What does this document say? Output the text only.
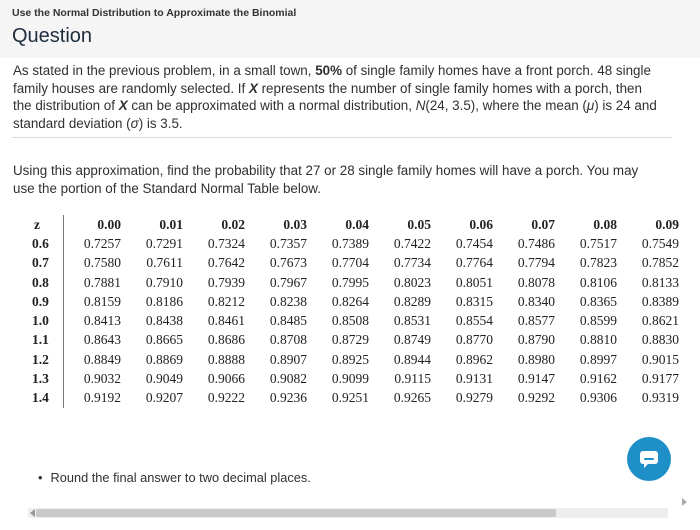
Use the Normal Distribution to Approximate the Binomial
Question

As stated in the previous problem, in a small town, 50% of single family homes have a front porch. 48 single family houses are randomly selected. If X represents the number of single family homes with a porch, then the distribution of X can be approximated with a normal distribution, N(24, 3.5), where the mean (μ) is 24 and standard deviation (σ) is 3.5.

Using this approximation, find the probability that 27 or 28 single family homes will have a porch. You may use the portion of the Standard Normal Table below.

z	0.00	0.01	0.02	0.03	0.04	0.05	0.06	0.07	0.08	0.09
0.6	0.7257	0.7291	0.7324	0.7357	0.7389	0.7422	0.7454	0.7486	0.7517	0.7549
0.7	0.7580	0.7611	0.7642	0.7673	0.7704	0.7734	0.7764	0.7794	0.7823	0.7852
0.8	0.7881	0.7910	0.7939	0.7967	0.7995	0.8023	0.8051	0.8078	0.8106	0.8133
0.9	0.8159	0.8186	0.8212	0.8238	0.8264	0.8289	0.8315	0.8340	0.8365	0.8389
1.0	0.8413	0.8438	0.8461	0.8485	0.8508	0.8531	0.8554	0.8577	0.8599	0.8621
1.1	0.8643	0.8665	0.8686	0.8708	0.8729	0.8749	0.8770	0.8790	0.8810	0.8830
1.2	0.8849	0.8869	0.8888	0.8907	0.8925	0.8944	0.8962	0.8980	0.8997	0.9015
1.3	0.9032	0.9049	0.9066	0.9082	0.9099	0.9115	0.9131	0.9147	0.9162	0.9177
1.4	0.9192	0.9207	0.9222	0.9236	0.9251	0.9265	0.9279	0.9292	0.9306	0.9319
• Round the final answer to two decimal places.
